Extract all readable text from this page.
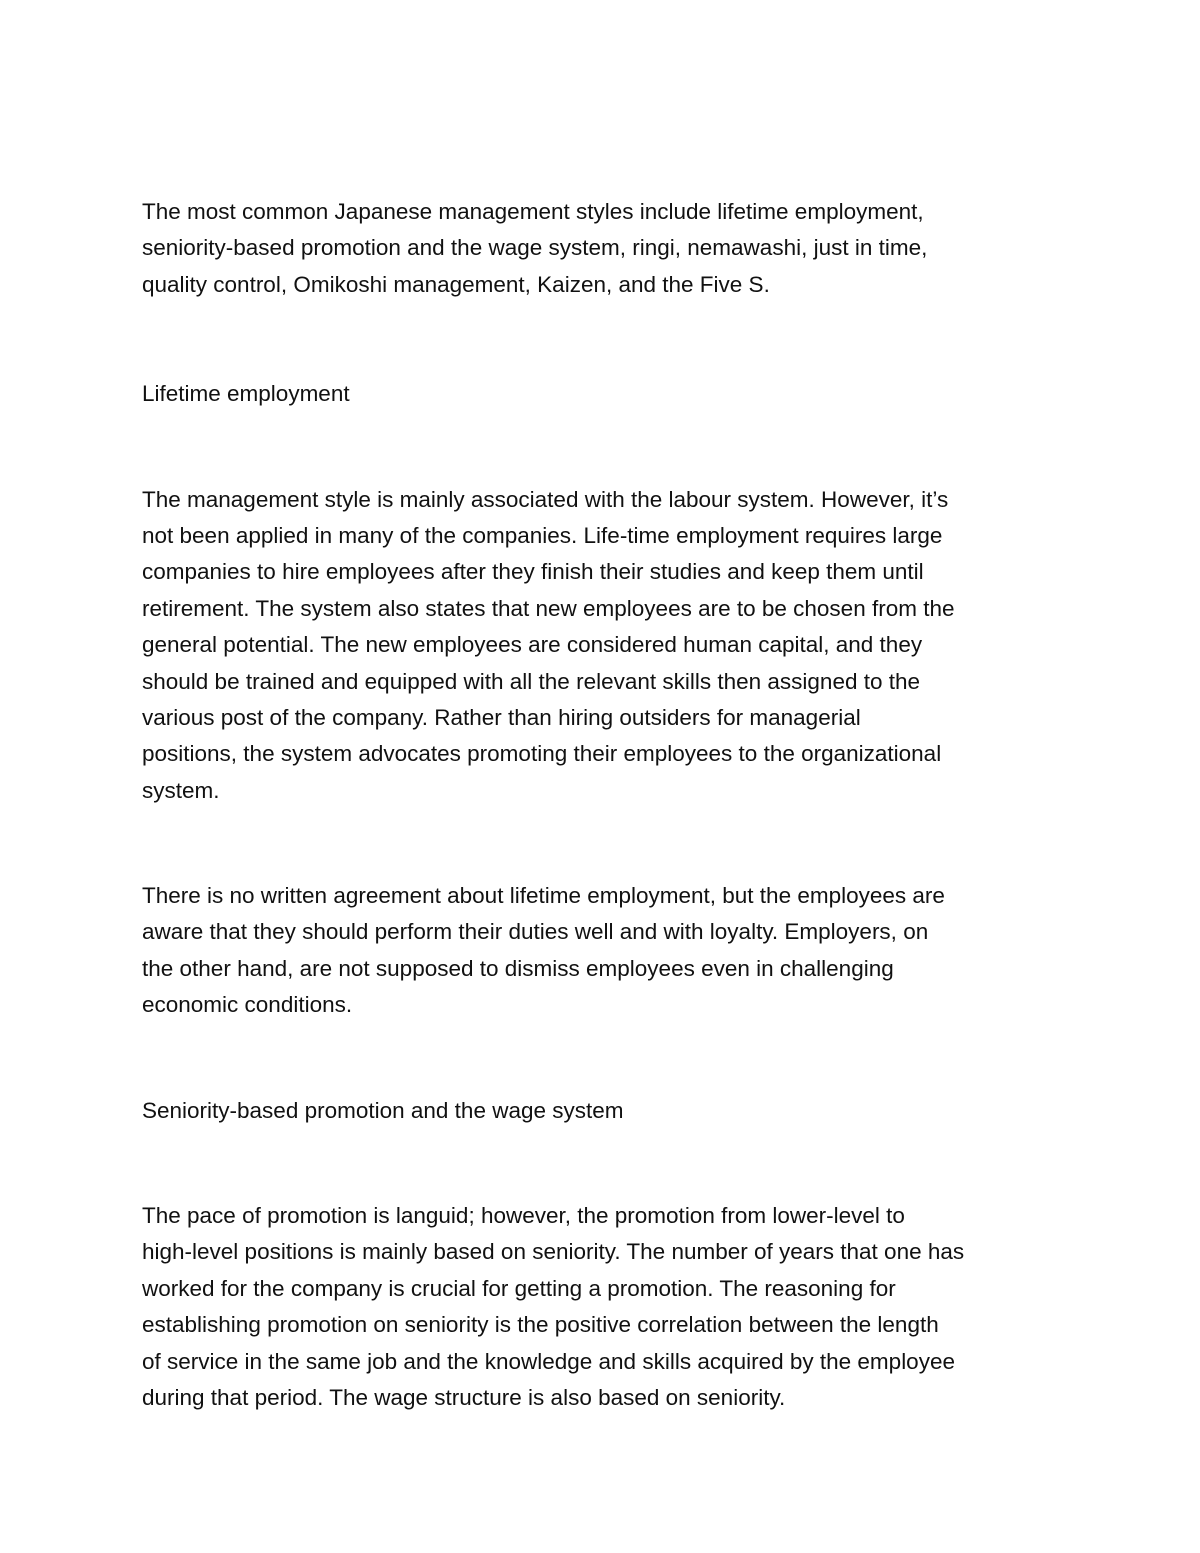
The most common Japanese management styles include lifetime employment,
seniority-based promotion and the wage system, ringi, nemawashi, just in time,
quality control, Omikoshi management, Kaizen, and the Five S.
Lifetime employment
The management style is mainly associated with the labour system. However, it’s
not been applied in many of the companies. Life-time employment requires large
companies to hire employees after they finish their studies and keep them until
retirement. The system also states that new employees are to be chosen from the
general potential. The new employees are considered human capital, and they
should be trained and equipped with all the relevant skills then assigned to the
various post of the company. Rather than hiring outsiders for managerial
positions, the system advocates promoting their employees to the organizational
system.
There is no written agreement about lifetime employment, but the employees are
aware that they should perform their duties well and with loyalty. Employers, on
the other hand, are not supposed to dismiss employees even in challenging
economic conditions.
Seniority-based promotion and the wage system
The pace of promotion is languid; however, the promotion from lower-level to
high-level positions is mainly based on seniority. The number of years that one has
worked for the company is crucial for getting a promotion. The reasoning for
establishing promotion on seniority is the positive correlation between the length
of service in the same job and the knowledge and skills acquired by the employee
during that period. The wage structure is also based on seniority.
